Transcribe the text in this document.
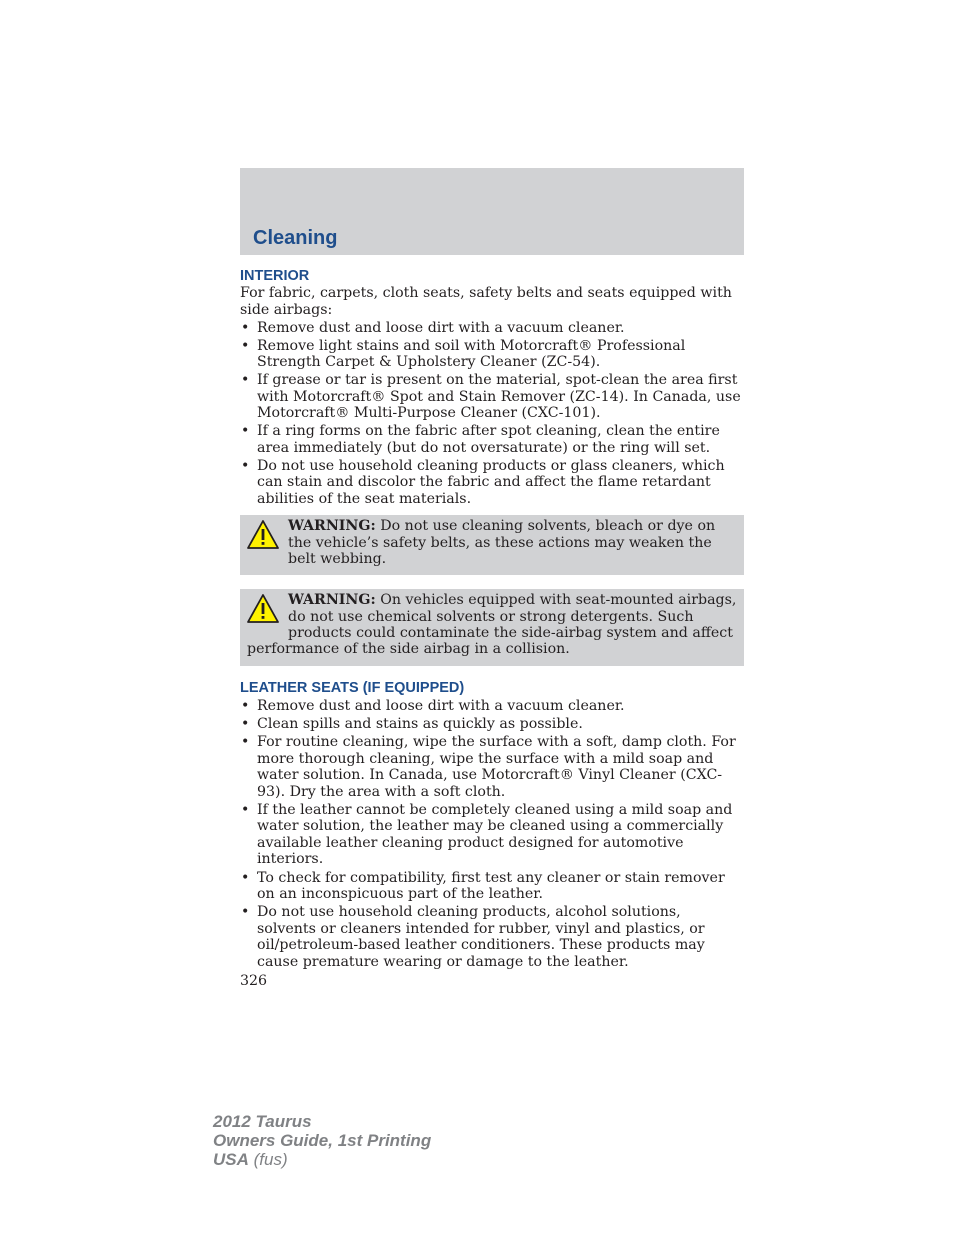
Cleaning
INTERIOR

For fabric, carpets, cloth seats, safety belts and seats equipped with side airbags:

• Remove dust and loose dirt with a vacuum cleaner.
• Remove light stains and soil with Motorcraft® Professional Strength Carpet & Upholstery Cleaner (ZC-54).
• If grease or tar is present on the material, spot-clean the area first with Motorcraft® Spot and Stain Remover (ZC-14). In Canada, use Motorcraft® Multi-Purpose Cleaner (CXC-101).
• If a ring forms on the fabric after spot cleaning, clean the entire area immediately (but do not oversaturate) or the ring will set.
• Do not use household cleaning products or glass cleaners, which can stain and discolor the fabric and affect the flame retardant abilities of the seat materials.
WARNING: Do not use cleaning solvents, bleach or dye on the vehicle’s safety belts, as these actions may weaken the belt webbing.
WARNING: On vehicles equipped with seat-mounted airbags, do not use chemical solvents or strong detergents. Such products could contaminate the side-airbag system and affect performance of the side airbag in a collision.
LEATHER SEATS (IF EQUIPPED)
• Remove dust and loose dirt with a vacuum cleaner.
• Clean spills and stains as quickly as possible.
• For routine cleaning, wipe the surface with a soft, damp cloth. For more thorough cleaning, wipe the surface with a mild soap and water solution. In Canada, use Motorcraft® Vinyl Cleaner (CXC-93). Dry the area with a soft cloth.
• If the leather cannot be completely cleaned using a mild soap and water solution, the leather may be cleaned using a commercially available leather cleaning product designed for automotive interiors.
• To check for compatibility, first test any cleaner or stain remover on an inconspicuous part of the leather.
• Do not use household cleaning products, alcohol solutions, solvents or cleaners intended for rubber, vinyl and plastics, or oil/petroleum-based leather conditioners. These products may cause premature wearing or damage to the leather.
326
2012 Taurus
Owners Guide, 1st Printing
USA (fus)
